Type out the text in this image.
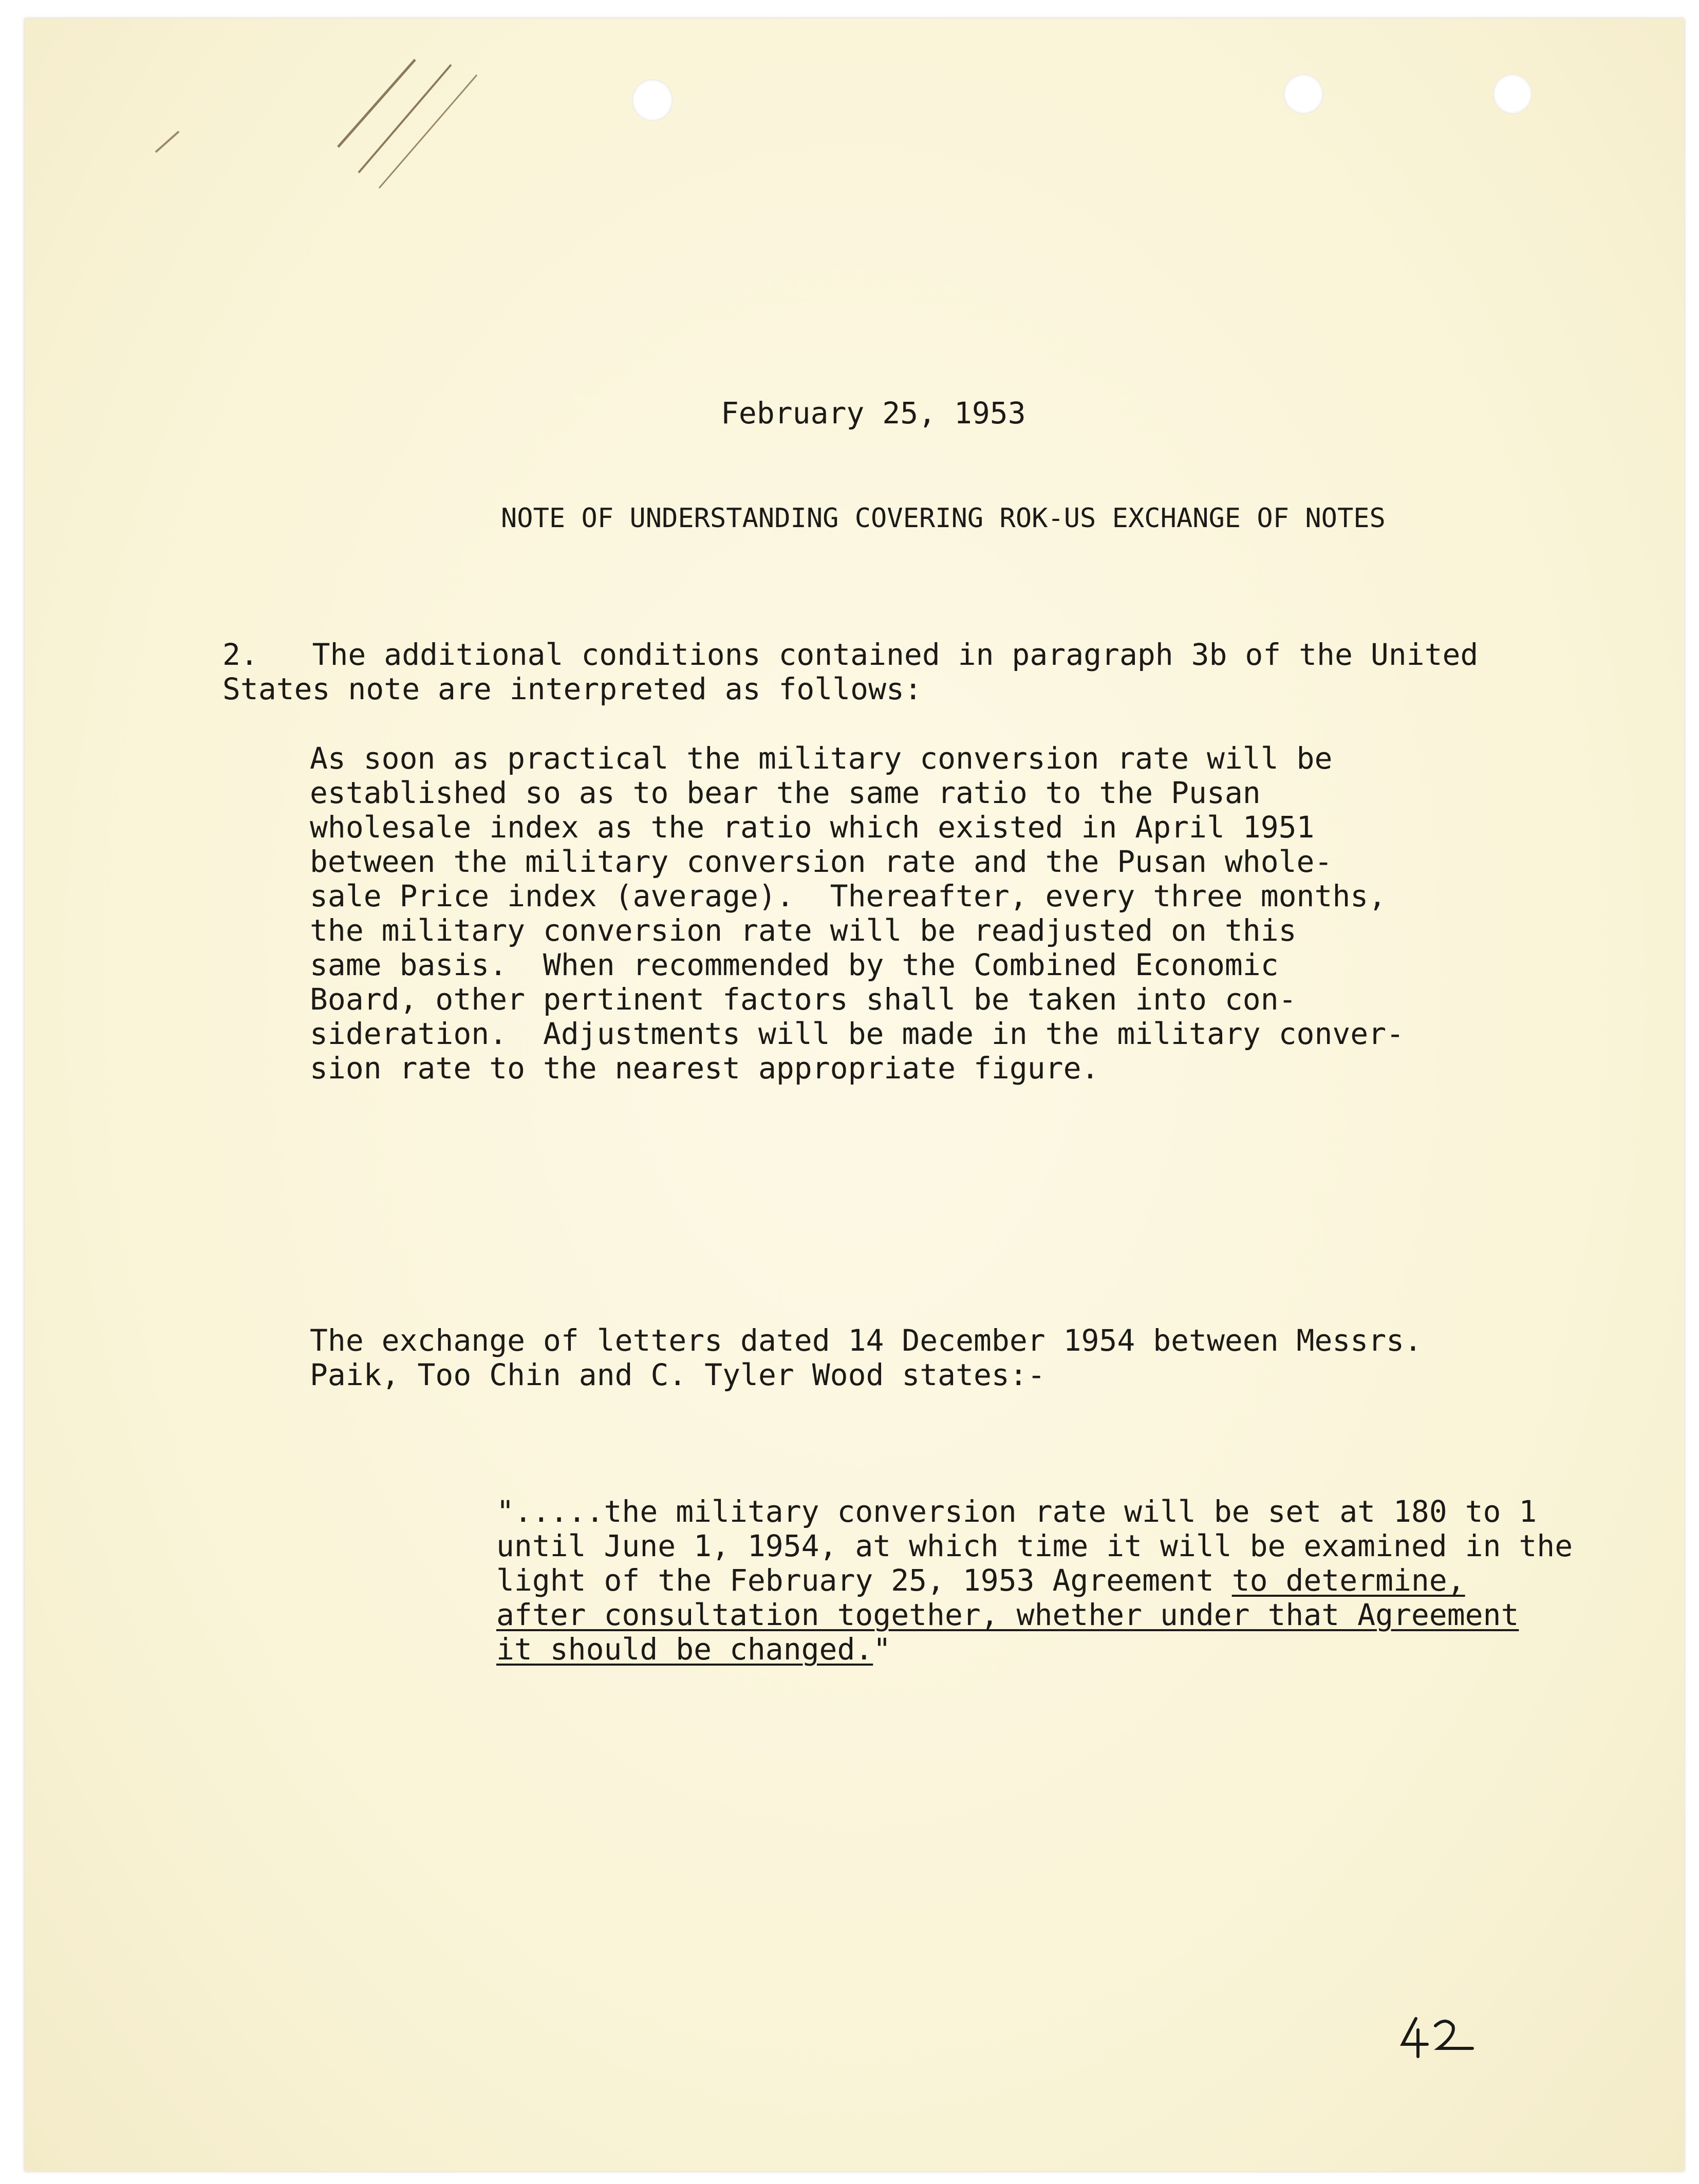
February 25, 1953

NOTE OF UNDERSTANDING COVERING ROK-US EXCHANGE OF NOTES

2.   The additional conditions contained in paragraph 3b of the United
States note are interpreted as follows:
As soon as practical the military conversion rate will be
established so as to bear the same ratio to the Pusan
wholesale index as the ratio which existed in April 1951
between the military conversion rate and the Pusan whole-
sale Price index (average).  Thereafter, every three months,
the military conversion rate will be readjusted on this
same basis.  When recommended by the Combined Economic
Board, other pertinent factors shall be taken into con-
sideration.  Adjustments will be made in the military conver-
sion rate to the nearest appropriate figure.
The exchange of letters dated 14 December 1954 between Messrs.
Paik, Too Chin and C. Tyler Wood states:-
".....the military conversion rate will be set at 180 to 1
until June 1, 1954, at which time it will be examined in the
light of the February 25, 1953 Agreement to determine,
after consultation together, whether under that Agreement
it should be changed."
